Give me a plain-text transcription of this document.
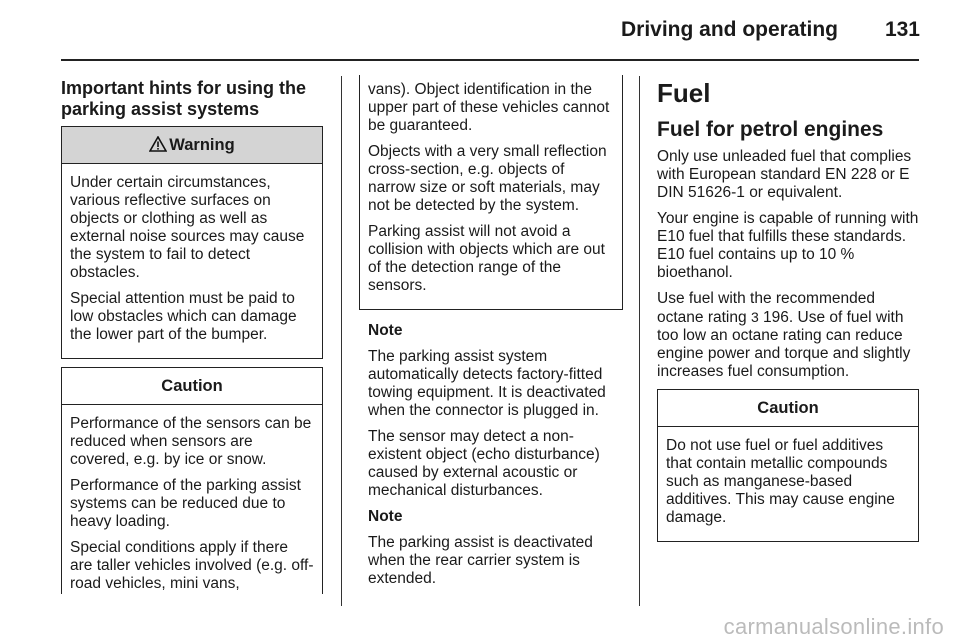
Driving and operating 131
Important hints for using the parking assist systems
Warning

Under certain circumstances, various reflective surfaces on objects or clothing as well as external noise sources may cause the system to fail to detect obstacles.

Special attention must be paid to low obstacles which can damage the lower part of the bumper.

Caution

Performance of the sensors can be reduced when sensors are covered, e.g. by ice or snow.

Performance of the parking assist systems can be reduced due to heavy loading.

Special conditions apply if there are taller vehicles involved (e.g. off-road vehicles, mini vans,

vans). Object identification in the upper part of these vehicles cannot be guaranteed.

Objects with a very small reflection cross-section, e.g. objects of narrow size or soft materials, may not be detected by the system.

Parking assist will not avoid a collision with objects which are out of the detection range of the sensors.

Note

The parking assist system automatically detects factory-fitted towing equipment. It is deactivated when the connector is plugged in.

The sensor may detect a non-existent object (echo disturbance) caused by external acoustic or mechanical disturbances.

Note

The parking assist is deactivated when the rear carrier system is extended.

Fuel
Fuel for petrol engines

Only use unleaded fuel that complies with European standard EN 228 or E DIN 51626-1 or equivalent.

Your engine is capable of running with E10 fuel that fulfills these standards. E10 fuel contains up to 10 % bioethanol.

Use fuel with the recommended octane rating 3 196. Use of fuel with too low an octane rating can reduce engine power and torque and slightly increases fuel consumption.

Caution

Do not use fuel or fuel additives that contain metallic compounds such as manganese-based additives. This may cause engine damage.

carmanualsonline.info
